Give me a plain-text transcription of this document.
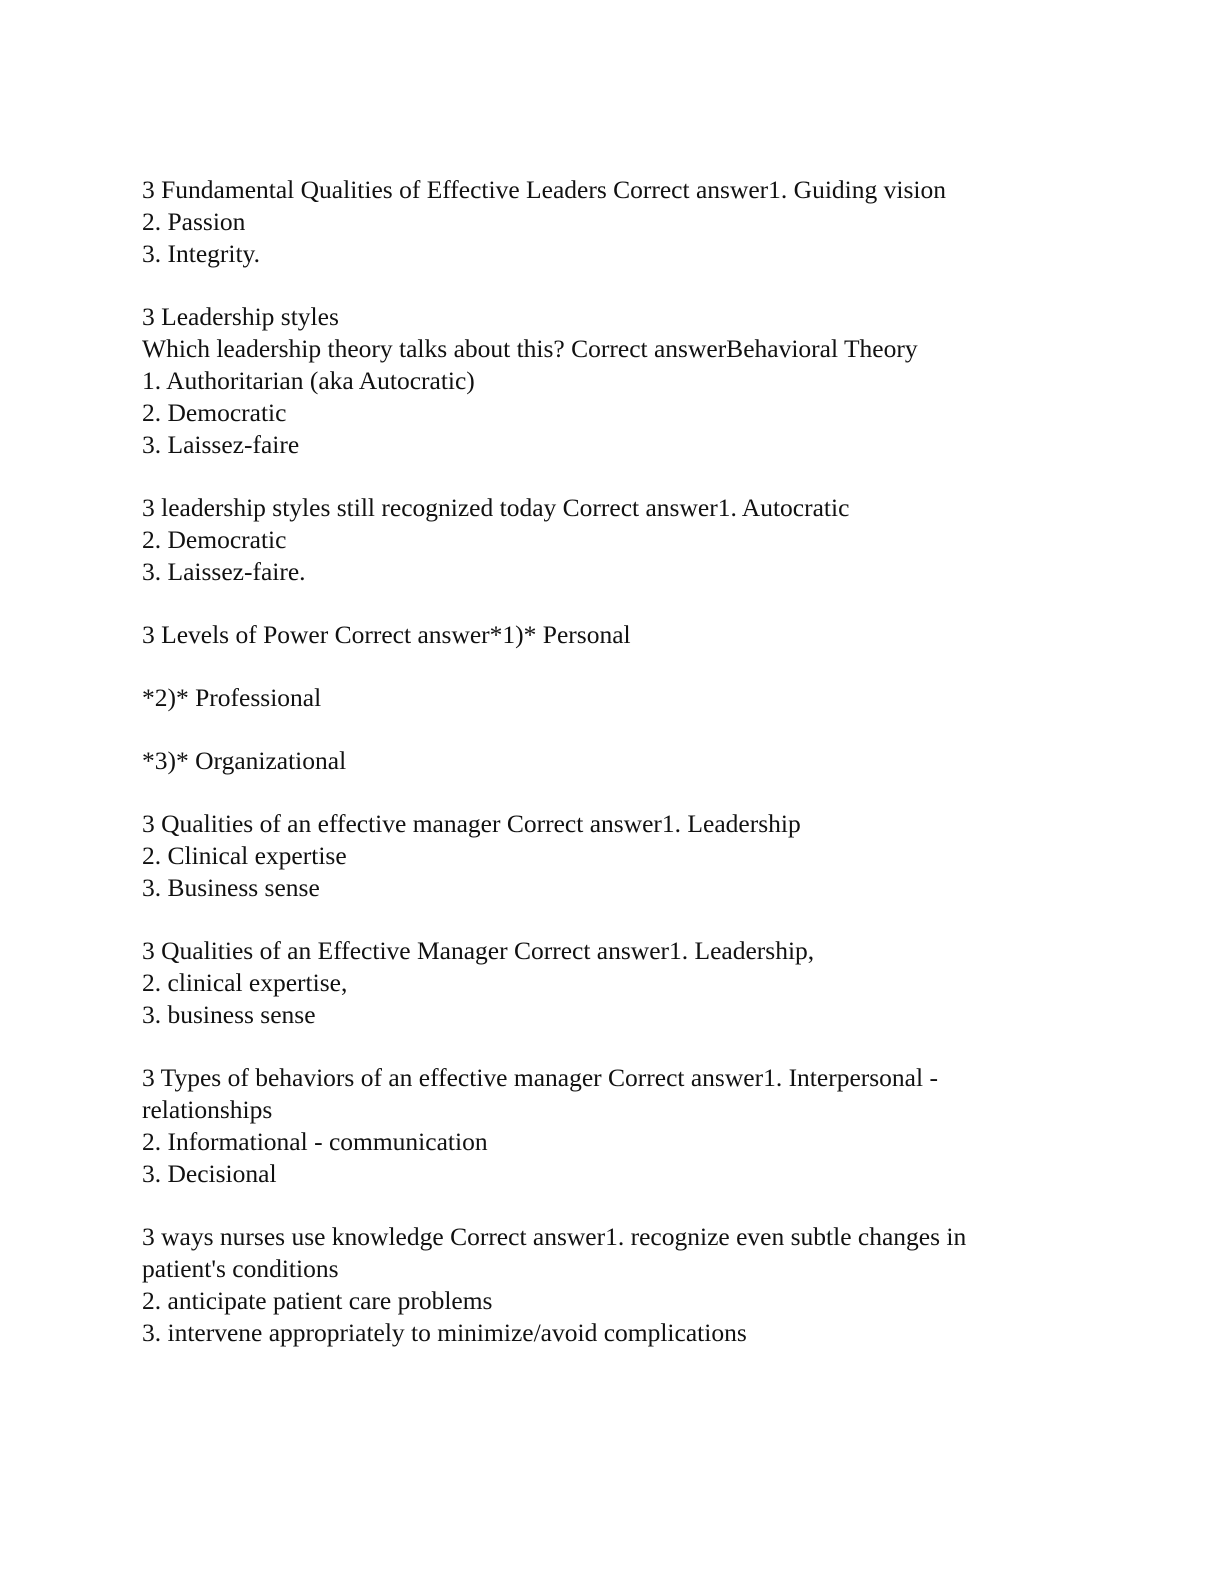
3 Fundamental Qualities of Effective Leaders Correct answer1. Guiding vision
2. Passion
3. Integrity.
3 Leadership styles
Which leadership theory talks about this? Correct answerBehavioral Theory
1. Authoritarian (aka Autocratic)
2. Democratic
3. Laissez-faire
3 leadership styles still recognized today Correct answer1. Autocratic
2. Democratic
3. Laissez-faire.
3 Levels of Power Correct answer*1)* Personal
*2)* Professional
*3)* Organizational
3 Qualities of an effective manager Correct answer1. Leadership
2. Clinical expertise
3. Business sense
3 Qualities of an Effective Manager Correct answer1. Leadership,
2. clinical expertise,
3. business sense
3 Types of behaviors of an effective manager Correct answer1. Interpersonal -
relationships
2. Informational - communication
3. Decisional
3 ways nurses use knowledge Correct answer1. recognize even subtle changes in
patient's conditions
2. anticipate patient care problems
3. intervene appropriately to minimize/avoid complications
